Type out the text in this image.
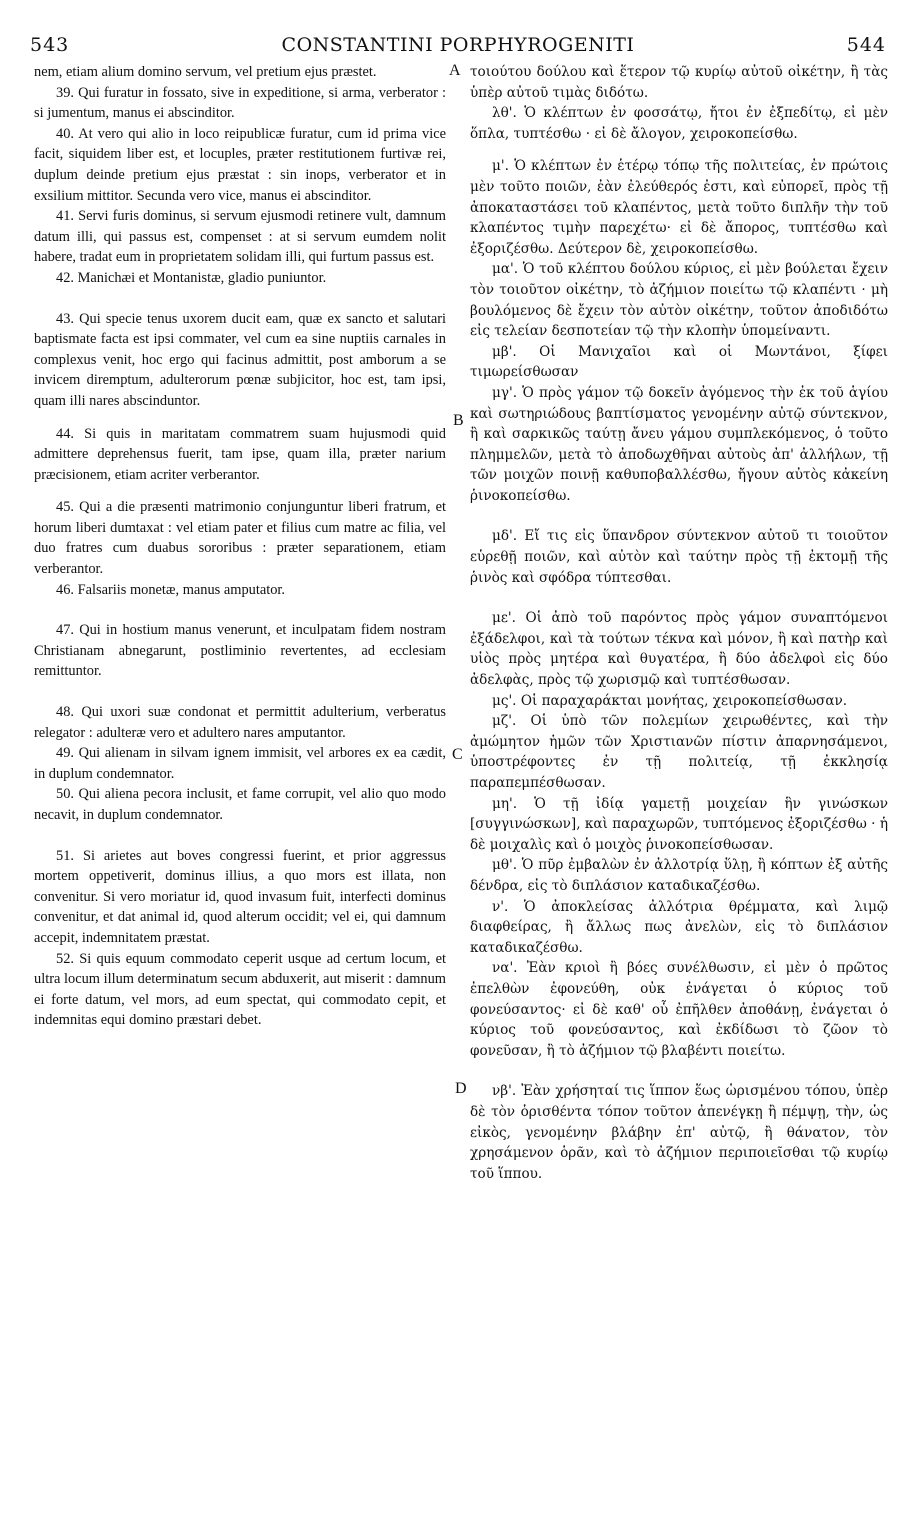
543	CONSTANTINI PORPHYROGENITI	544
A
B
C
D

nem, etiam alium domino servum, vel pretium ejus præstet.

39. Qui furatur in fossato, sive in expeditione, si arma, verberator : si jumentum, manus ei abscinditor.

40. At vero qui alio in loco reipublicæ furatur, cum id prima vice facit, siquidem liber est, et locuples, præter restitutionem furtivæ rei, duplum deinde pretium ejus præstat : sin inops, verberator et in exsilium mittitor. Secunda vero vice, manus ei abscinditor.

41. Servi furis dominus, si servum ejusmodi retinere vult, damnum datum illi, qui passus est, compenset : at si servum eumdem nolit habere, tradat eum in proprietatem solidam illi, qui furtum passus est.

42. Manichæi et Montanistæ, gladio puniuntor.

43. Qui specie tenus uxorem ducit eam, quæ ex sancto et salutari baptismate facta est ipsi commater, vel cum ea sine nuptiis carnales in complexus venit, hoc ergo qui facinus admittit, post amborum a se invicem diremptum, adulterorum pœnæ subjicitor, hoc est, tam ipsi, quam illi nares abscinduntor.

44. Si quis in maritatam commatrem suam hujusmodi quid admittere deprehensus fuerit, tam ipse, quam illa, præter narium præcisionem, etiam acriter verberantor.

45. Qui a die præsenti matrimonio conjunguntur liberi fratrum, et horum liberi dumtaxat : vel etiam pater et filius cum matre ac filia, vel duo fratres cum duabus sororibus : præter separationem, etiam verberantor.

46. Falsariis monetæ, manus amputator.

47. Qui in hostium manus venerunt, et inculpatam fidem nostram Christianam abnegarunt, postliminio revertentes, ad ecclesiam remittuntor.

48. Qui uxori suæ condonat et permittit adulterium, verberatus relegator : adulteræ vero et adultero nares amputantor.

49. Qui alienam in silvam ignem immisit, vel arbores ex ea cædit, in duplum condemnator.

50. Qui aliena pecora inclusit, et fame corrupit, vel alio quo modo necavit, in duplum condemnator.

51. Si arietes aut boves congressi fuerint, et prior aggressus mortem oppetiverit, dominus illius, a quo mors est illata, non convenitur. Si vero moriatur id, quod invasum fuit, interfecti dominus convenitur, et dat animal id, quod alterum occidit; vel ei, qui damnum accepit, indemnitatem præstat.

52. Si quis equum commodato ceperit usque ad certum locum, et ultra locum illum determinatum secum abduxerit, aut miserit : damnum ei forte datum, vel mors, ad eum spectat, qui commodato cepit, et indemnitas equi domino præstari debet.

τοιούτου δούλου καὶ ἕτερον τῷ κυρίῳ αὐτοῦ οἰκέτην, ἢ τὰς ὑπὲρ αὐτοῦ τιμὰς διδότω.

λθ'. Ὁ κλέπτων ἐν φοσσάτῳ, ἤτοι ἐν ἐξπεδίτῳ, εἰ μὲν ὅπλα, τυπτέσθω · εἰ δὲ ἄλογον, χειροκοπείσθω.

μ'. Ὁ κλέπτων ἐν ἑτέρῳ τόπῳ τῆς πολιτείας, ἐν πρώτοις μὲν τοῦτο ποιῶν, ἐὰν ἐλεύθερός ἐστι, καὶ εὐπορεῖ, πρὸς τῇ ἀποκαταστάσει τοῦ κλαπέντος, μετὰ τοῦτο διπλῆν τὴν τοῦ κλαπέντος τιμὴν παρεχέτω· εἰ δὲ ἄπορος, τυπτέσθω καὶ ἐξοριζέσθω. Δεύτερον δὲ, χειροκοπείσθω.

μα'. Ὁ τοῦ κλέπτου δούλου κύριος, εἰ μὲν βούλεται ἔχειν τὸν τοιοῦτον οἰκέτην, τὸ ἀζήμιον ποιείτω τῷ κλαπέντι · μὴ βουλόμενος δὲ ἔχειν τὸν αὐτὸν οἰκέτην, τοῦτον ἀποδιδότω εἰς τελείαν δεσποτείαν τῷ τὴν κλοπὴν ὑπομείναντι.

μβ'. Οἱ Μανιχαῖοι καὶ οἱ Μωντάνοι, ξίφει τιμωρείσθωσαν

μγ'. Ὁ πρὸς γάμον τῷ δοκεῖν ἀγόμενος τὴν ἐκ τοῦ ἁγίου καὶ σωτηριώδους βαπτίσματος γενομένην αὐτῷ σύντεκνον, ἢ καὶ σαρκικῶς ταύτῃ ἄνευ γάμου συμπλεκόμενος, ὁ τοῦτο πλημμελῶν, μετὰ τὸ ἀποδωχθῆναι αὐτοὺς ἀπ' ἀλλήλων, τῇ τῶν μοιχῶν ποινῇ καθυποβαλλέσθω, ἤγουν αὐτὸς κἀκείνη ῥινοκοπείσθω.

μδ'. Εἴ τις εἰς ὕπανδρον σύντεκνον αὐτοῦ τι τοιοῦτον εὑρεθῇ ποιῶν, καὶ αὐτὸν καὶ ταύτην πρὸς τῇ ἐκτομῇ τῆς ῥινὸς καὶ σφόδρα τύπτεσθαι.

με'. Οἱ ἀπὸ τοῦ παρόντος πρὸς γάμον συναπτόμενοι ἐξάδελφοι, καὶ τὰ τούτων τέκνα καὶ μόνον, ἢ καὶ πατὴρ καὶ υἱὸς πρὸς μητέρα καὶ θυγατέρα, ἢ δύο ἀδελφοὶ εἰς δύο ἀδελφὰς, πρὸς τῷ χωρισμῷ καὶ τυπτέσθωσαν.

μς'. Οἱ παραχαράκται μονήτας, χειροκοπείσθωσαν.

μζ'. Οἱ ὑπὸ τῶν πολεμίων χειρωθέντες, καὶ τὴν ἀμώμητον ἡμῶν τῶν Χριστιανῶν πίστιν ἀπαρνησάμενοι, ὑποστρέφοντες ἐν τῇ πολιτείᾳ, τῇ ἐκκλησίᾳ παραπεμπέσθωσαν.

μη'. Ὁ τῇ ἰδίᾳ γαμετῇ μοιχείαν ἣν γινώσκων [συγγινώσκων], καὶ παραχωρῶν, τυπτόμενος ἐξοριζέσθω · ἡ δὲ μοιχαλὶς καὶ ὁ μοιχὸς ῥινοκοπείσθωσαν.

μθ'. Ὁ πῦρ ἐμβαλὼν ἐν ἀλλοτρίᾳ ὕλῃ, ἢ κόπτων ἐξ αὐτῆς δένδρα, εἰς τὸ διπλάσιον καταδικαζέσθω.

ν'. Ὁ ἀποκλείσας ἀλλότρια θρέμματα, καὶ λιμῷ διαφθείρας, ἢ ἄλλως πως ἀνελὼν, εἰς τὸ διπλάσιον καταδικαζέσθω.

να'. Ἐὰν κριοὶ ἢ βόες συνέλθωσιν, εἰ μὲν ὁ πρῶτος ἐπελθὼν ἐφονεύθη, οὐκ ἐνάγεται ὁ κύριος τοῦ φονεύσαντος· εἰ δὲ καθ' οὗ ἐπῆλθεν ἀποθάνῃ, ἐνάγεται ὁ κύριος τοῦ φονεύσαντος, καὶ ἐκδίδωσι τὸ ζῶον τὸ φονεῦσαν, ἢ τὸ ἀζήμιον τῷ βλαβέντι ποιείτω.

νβ'. Ἐὰν χρήσηταί τις ἵππον ἕως ὡρισμένου τόπου, ὑπὲρ δὲ τὸν ὁρισθέντα τόπον τοῦτον ἀπενέγκῃ ἢ πέμψῃ, τὴν, ὡς εἰκὸς, γενομένην βλάβην ἐπ' αὐτῷ, ἢ θάνατον, τὸν χρησάμενον ὁρᾶν, καὶ τὸ ἀζήμιον περιποιεῖσθαι τῷ κυρίῳ τοῦ ἵππου.
